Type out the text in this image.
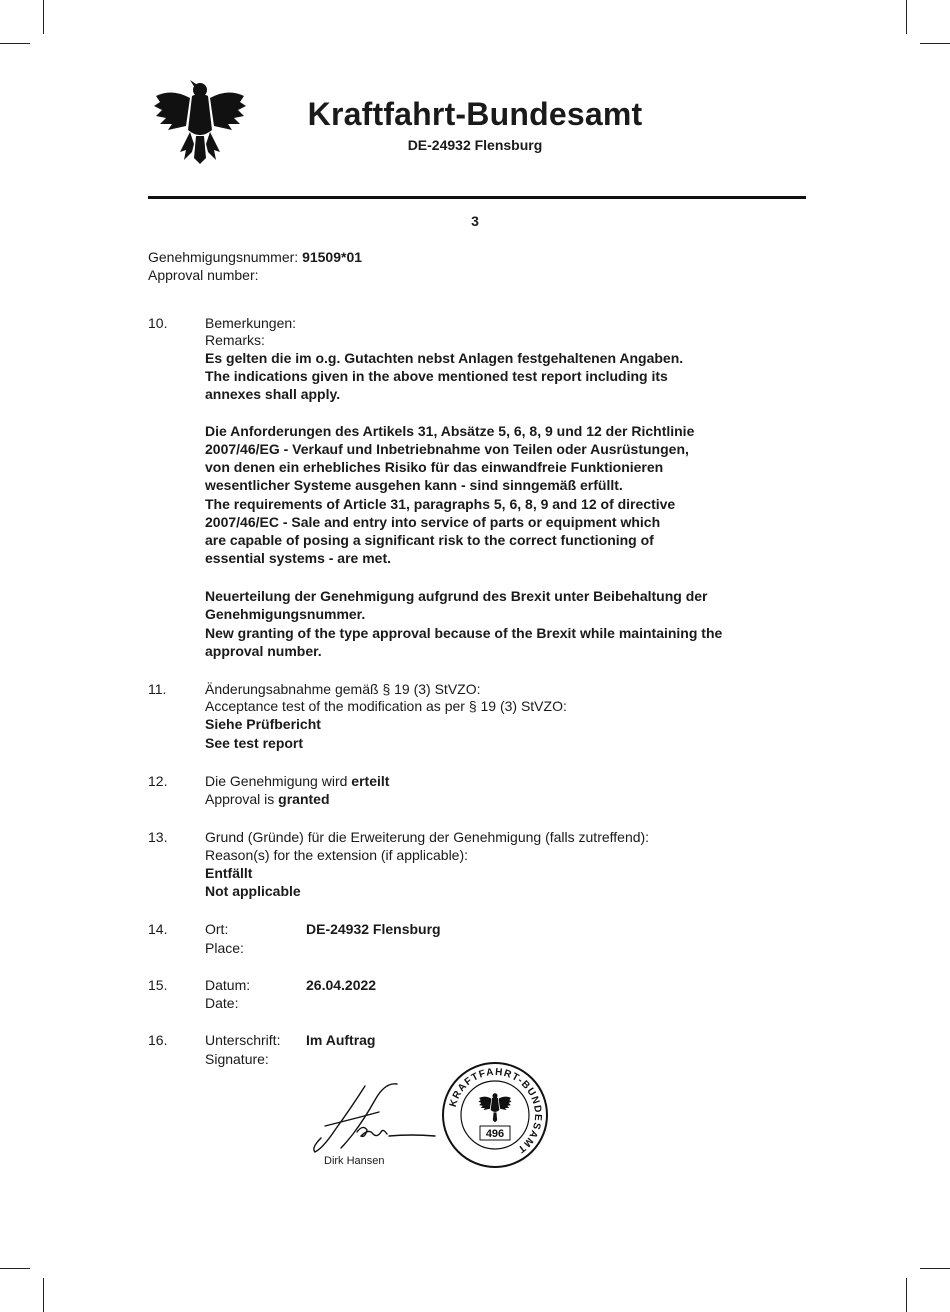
Kraftfahrt-Bundesamt
DE-24932 Flensburg
3
Genehmigungsnummer: 91509*01
Approval number:
10.	Bemerkungen:
Remarks:
Es gelten die im o.g. Gutachten nebst Anlagen festgehaltenen Angaben.
The indications given in the above mentioned test report including its
annexes shall apply.
Die Anforderungen des Artikels 31, Absätze 5, 6, 8, 9 und 12 der Richtlinie
2007/46/EG - Verkauf und Inbetriebnahme von Teilen oder Ausrüstungen,
von denen ein erhebliches Risiko für das einwandfreie Funktionieren
wesentlicher Systeme ausgehen kann - sind sinngemäß erfüllt.
The requirements of Article 31, paragraphs 5, 6, 8, 9 and 12 of directive
2007/46/EC - Sale and entry into service of parts or equipment which
are capable of posing a significant risk to the correct functioning of
essential systems - are met.
Neuerteilung der Genehmigung aufgrund des Brexit unter Beibehaltung der
Genehmigungsnummer.
New granting of the type approval because of the Brexit while maintaining the
approval number.
11.	Änderungsabnahme gemäß § 19 (3) StVZO:
Acceptance test of the modification as per § 19 (3) StVZO:
Siehe Prüfbericht
See test report
12.	Die Genehmigung wird erteilt
Approval is granted
13.	Grund (Gründe) für die Erweiterung der Genehmigung (falls zutreffend):
Reason(s) for the extension (if applicable):
Entfällt
Not applicable
14.	Ort:
Place:
DE-24932 Flensburg
15.	Datum:
Date:
26.04.2022
16.	Unterschrift:
Signature:
Im Auftrag
Dirk Hansen
KRAFTFAHRT-BUNDESAMT
496
